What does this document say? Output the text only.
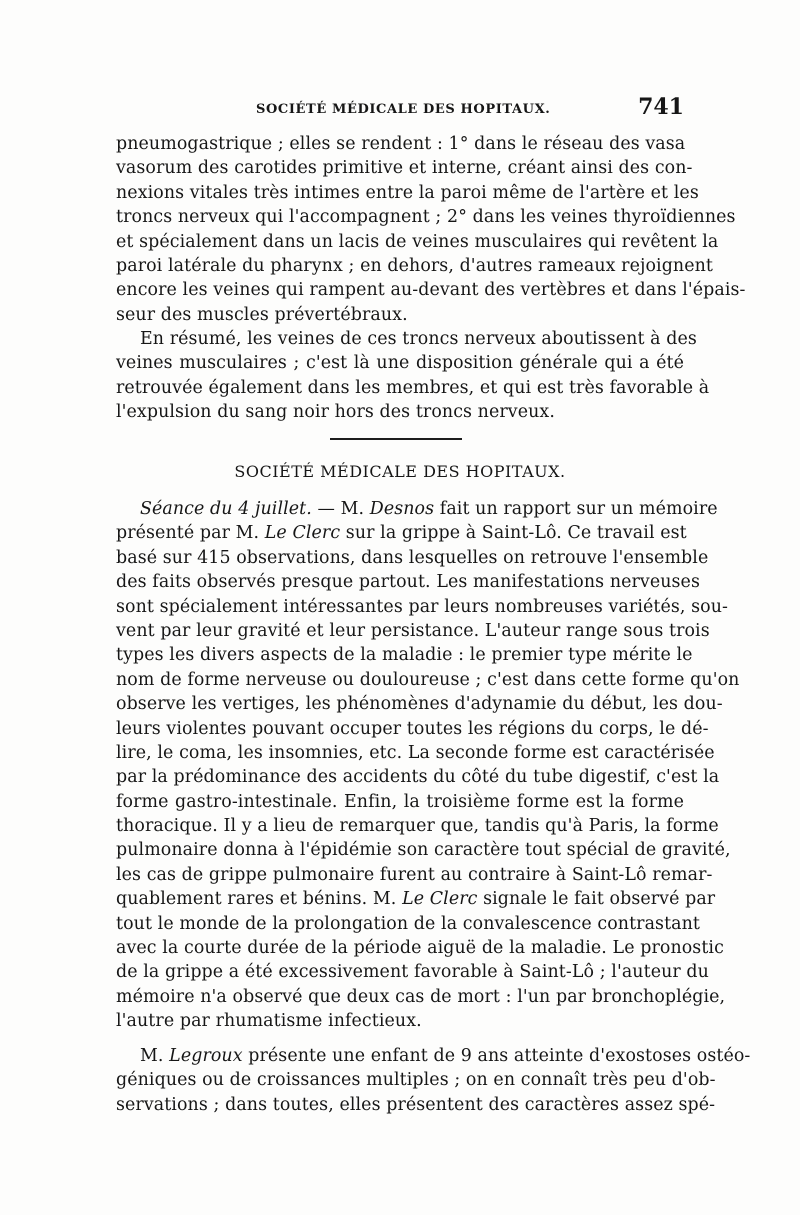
SOCIÉTÉ MÉDICALE DES HOPITAUX.	741
pneumogastrique ; elles se rendent : 1° dans le réseau des vasa
vasorum des carotides primitive et interne, créant ainsi des con-
nexions vitales très intimes entre la paroi même de l'artère et les
troncs nerveux qui l'accompagnent ; 2° dans les veines thyroïdiennes
et spécialement dans un lacis de veines musculaires qui revêtent la
paroi latérale du pharynx ; en dehors, d'autres rameaux rejoignent
encore les veines qui rampent au-devant des vertèbres et dans l'épais-
seur des muscles prévertébraux.
En résumé, les veines de ces troncs nerveux aboutissent à des
veines musculaires ; c'est là une disposition générale qui a été
retrouvée également dans les membres, et qui est très favorable à
l'expulsion du sang noir hors des troncs nerveux.
SOCIÉTÉ MÉDICALE DES HOPITAUX.
Séance du 4 juillet. — M. Desnos fait un rapport sur un mémoire
présenté par M. Le Clerc sur la grippe à Saint-Lô. Ce travail est
basé sur 415 observations, dans lesquelles on retrouve l'ensemble
des faits observés presque partout. Les manifestations nerveuses
sont spécialement intéressantes par leurs nombreuses variétés, sou-
vent par leur gravité et leur persistance. L'auteur range sous trois
types les divers aspects de la maladie : le premier type mérite le
nom de forme nerveuse ou douloureuse ; c'est dans cette forme qu'on
observe les vertiges, les phénomènes d'adynamie du début, les dou-
leurs violentes pouvant occuper toutes les régions du corps, le dé-
lire, le coma, les insomnies, etc. La seconde forme est caractérisée
par la prédominance des accidents du côté du tube digestif, c'est la
forme gastro-intestinale. Enfin, la troisième forme est la forme
thoracique. Il y a lieu de remarquer que, tandis qu'à Paris, la forme
pulmonaire donna à l'épidémie son caractère tout spécial de gravité,
les cas de grippe pulmonaire furent au contraire à Saint-Lô remar-
quablement rares et bénins. M. Le Clerc signale le fait observé par
tout le monde de la prolongation de la convalescence contrastant
avec la courte durée de la période aiguë de la maladie. Le pronostic
de la grippe a été excessivement favorable à Saint-Lô ; l'auteur du
mémoire n'a observé que deux cas de mort : l'un par bronchoplégie,
l'autre par rhumatisme infectieux.
M. Legroux présente une enfant de 9 ans atteinte d'exostoses ostéo-
géniques ou de croissances multiples ; on en connaît très peu d'ob-
servations ; dans toutes, elles présentent des caractères assez spé-
